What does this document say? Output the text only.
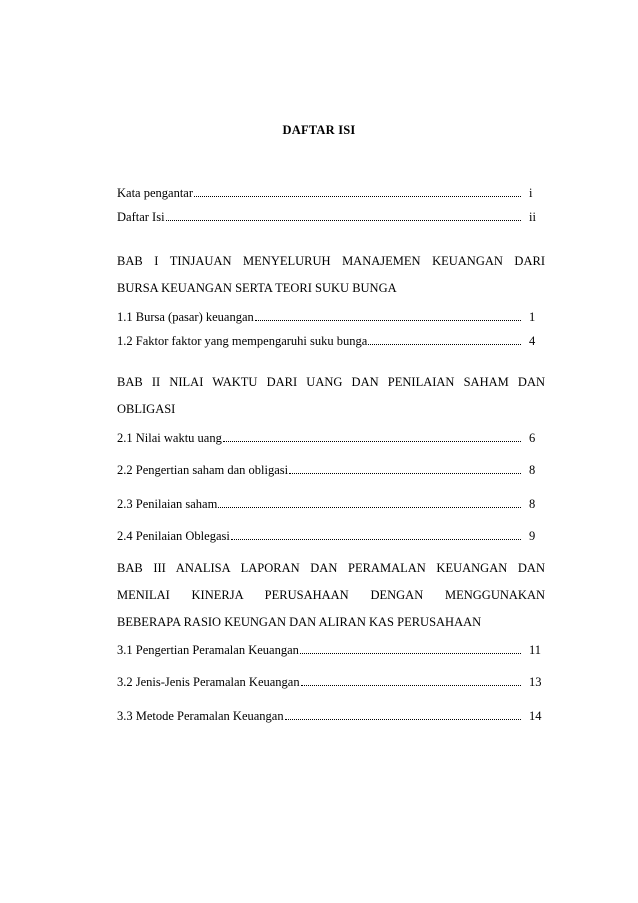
DAFTAR ISI
Kata pengantar	i
Daftar Isi	ii
BAB I TINJAUAN MENYELURUH MANAJEMEN KEUANGAN DARI
BURSA KEUANGAN SERTA TEORI SUKU BUNGA
1.1 Bursa (pasar) keuangan	1
1.2 Faktor faktor yang mempengaruhi suku bunga	4
BAB II NILAI WAKTU DARI UANG DAN PENILAIAN SAHAM DAN
OBLIGASI
2.1 Nilai waktu uang	6
2.2 Pengertian saham dan obligasi	8
2.3 Penilaian saham	8
2.4 Penilaian Oblegasi	9
BAB III ANALISA LAPORAN DAN PERAMALAN KEUANGAN DAN
MENILAI KINERJA PERUSAHAAN DENGAN MENGGUNAKAN
BEBERAPA RASIO KEUNGAN DAN ALIRAN KAS PERUSAHAAN
3.1 Pengertian Peramalan Keuangan	11
3.2 Jenis-Jenis Peramalan Keuangan	13
3.3 Metode Peramalan Keuangan	14
